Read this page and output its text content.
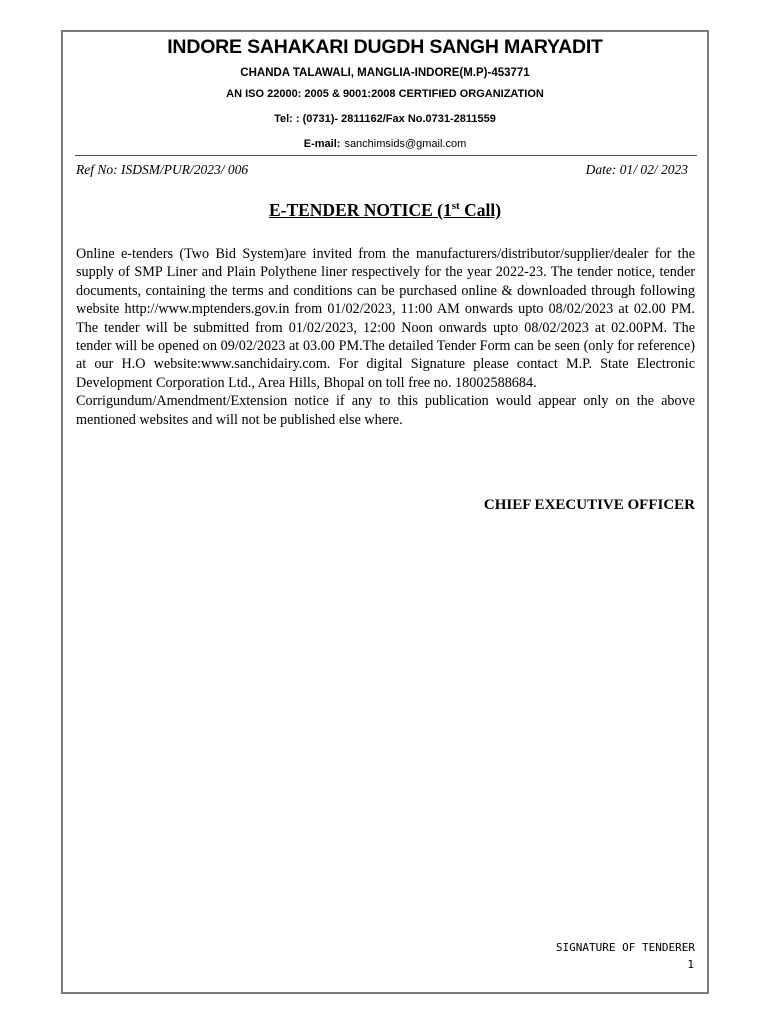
INDORE SAHAKARI DUGDH SANGH MARYADIT
CHANDA TALAWALI, MANGLIA-INDORE(M.P)-453771
AN ISO 22000: 2005 & 9001:2008 CERTIFIED ORGANIZATION
Tel: : (0731)- 2811162/Fax No.0731-2811559
E-mail: sanchimsids@gmail.com
Ref No: ISDSM/PUR/2023/ 006	Date: 01/ 02/ 2023
E-TENDER NOTICE (1st Call)

Online e-tenders (Two Bid System)are invited from the manufacturers/distributor/supplier/dealer for the supply of SMP Liner and Plain Polythene liner respectively for the year 2022-23. The tender notice, tender documents, containing the terms and conditions can be purchased online & downloaded through following website http://www.mptenders.gov.in from 01/02/2023, 11:00 AM onwards upto 08/02/2023 at 02.00 PM. The tender will be submitted from 01/02/2023, 12:00 Noon onwards upto 08/02/2023 at 02.00PM. The tender will be opened on 09/02/2023 at 03.00 PM.The detailed Tender Form can be seen (only for reference) at our H.O website:www.sanchidairy.com. For digital Signature please contact M.P. State Electronic Development Corporation Ltd., Area Hills, Bhopal on toll free no. 18002588684.

Corrigundum/Amendment/Extension notice if any to this publication would appear only on the above mentioned websites and will not be published else where.

CHIEF EXECUTIVE OFFICER
SIGNATURE OF TENDERER
1
